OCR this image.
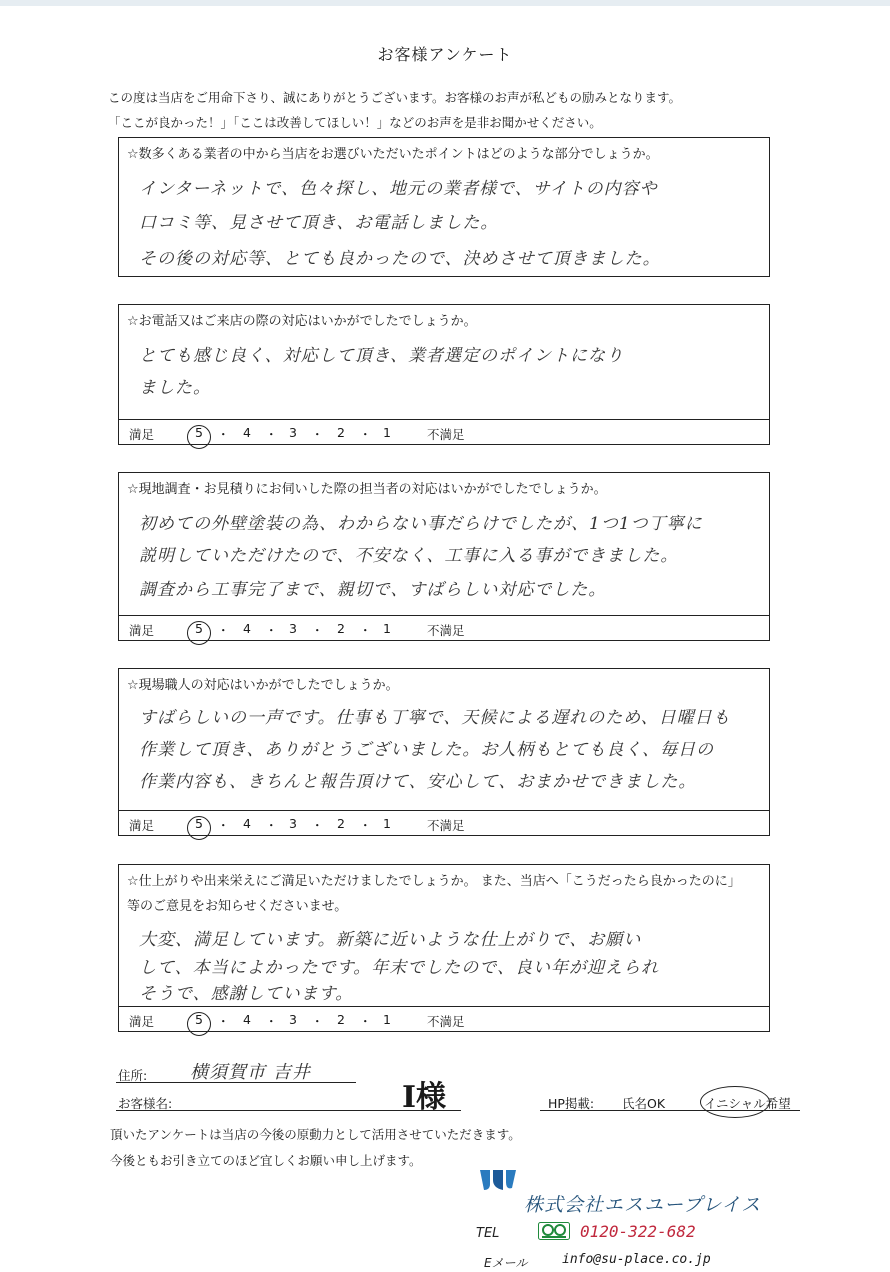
お客様アンケート
この度は当店をご用命下さり、誠にありがとうございます。お客様のお声が私どもの励みとなります。
「ここが良かった！」「ここは改善してほしい！」などのお声を是非お聞かせください。
☆数多くある業者の中から当店をお選びいただいたポイントはどのような部分でしょうか。
インターネットで、色々探し、地元の業者様で、サイトの内容や
口コミ等、見させて頂き、お電話しました。
その後の対応等、とても良かったので、決めさせて頂きました。
☆お電話又はご来店の際の対応はいかがでしたでしょうか。
とても感じ良く、対応して頂き、業者選定のポイントになり
ました。
満足	5 ・ 4 ・ 3 ・ 2 ・ 1	不満足
☆現地調査・お見積りにお伺いした際の担当者の対応はいかがでしたでしょうか。
初めての外壁塗装の為、わからない事だらけでしたが、1つ1つ丁寧に
説明していただけたので、不安なく、工事に入る事ができました。
調査から工事完了まで、親切で、すばらしい対応でした。
満足	5 ・ 4 ・ 3 ・ 2 ・ 1	不満足
☆現場職人の対応はいかがでしたでしょうか。
すばらしいの一声です。仕事も丁寧で、天候による遅れのため、日曜日も
作業して頂き、ありがとうございました。お人柄もとても良く、毎日の
作業内容も、きちんと報告頂けて、安心して、おまかせできました。
満足	5 ・ 4 ・ 3 ・ 2 ・ 1	不満足
☆仕上がりや出来栄えにご満足いただけましたでしょうか。 また、当店へ「こうだったら良かったのに」
等のご意見をお知らせくださいませ。
大変、満足しています。新築に近いような仕上がりで、お願い
して、本当によかったです。年末でしたので、良い年が迎えられ
そうで、感謝しています。
満足	5 ・ 4 ・ 3 ・ 2 ・ 1	不満足
住所: 横須賀市 吉井
お客様名:	I様	HP掲載: 氏名OK	イニシャル希望
頂いたアンケートは当店の今後の原動力として活用させていただきます。
今後ともお引き立てのほど宜しくお願い申し上げます。
株式会社エスユープレイス
TEL	0120-322-682
Eメール	info@su-place.co.jp
